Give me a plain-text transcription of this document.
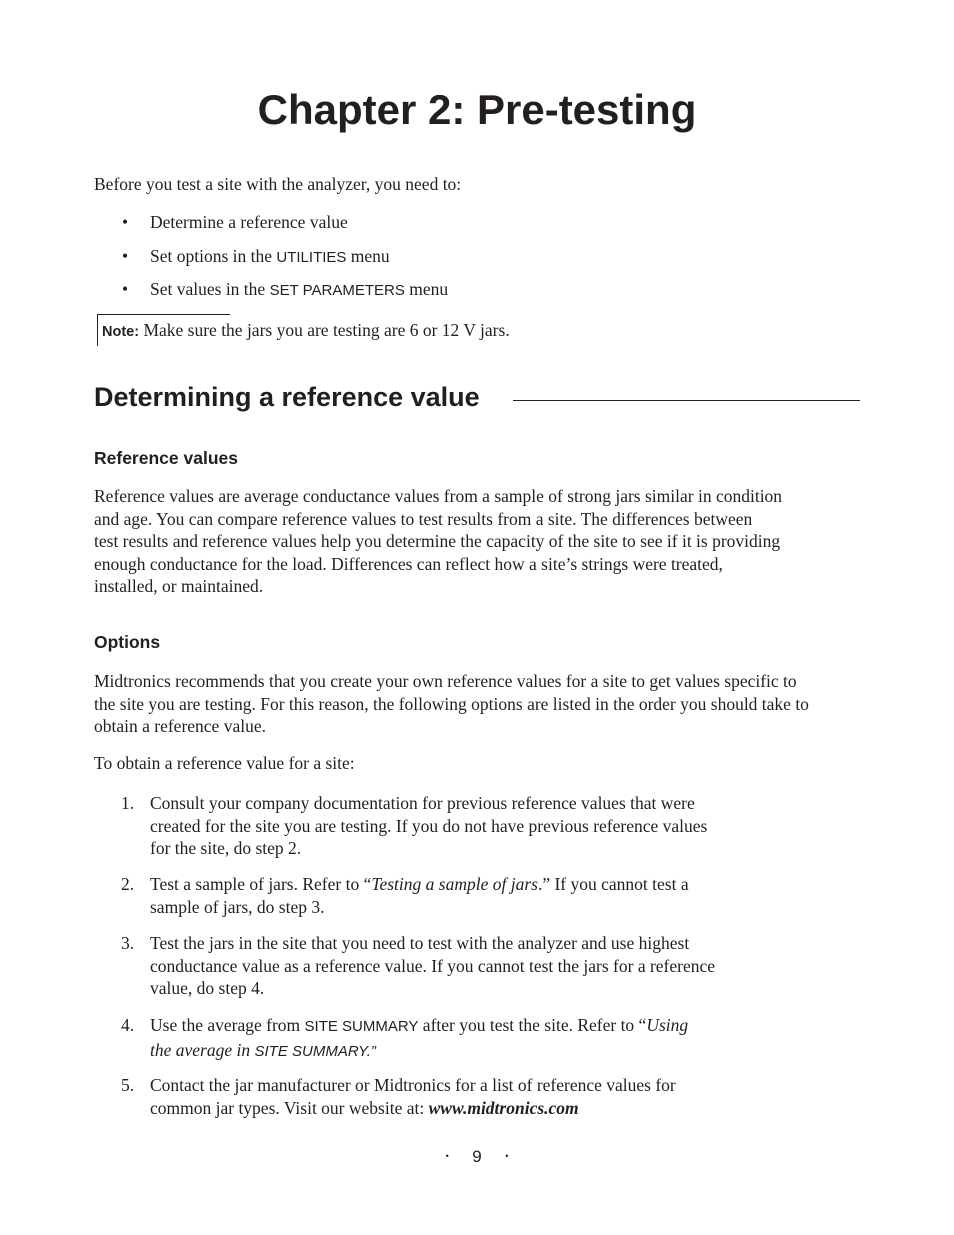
Chapter 2: Pre-testing

Before you test a site with the analyzer, you need to:

• Determine a reference value
• Set options in the UTILITIES menu
• Set values in the SET PARAMETERS menu
Note: Make sure the jars you are testing are 6 or 12 V jars.
Determining a reference value
Reference values
Reference values are average conductance values from a sample of strong jars similar in condition
and age. You can compare reference values to test results from a site. The differences between
test results and reference values help you determine the capacity of the site to see if it is providing
enough conductance for the load. Differences can reflect how a site’s strings were treated,
installed, or maintained.
Options
Midtronics recommends that you create your own reference values for a site to get values specific to
the site you are testing. For this reason, the following options are listed in the order you should take to
obtain a reference value.

To obtain a reference value for a site:

1. Consult your company documentation for previous reference values that were
created for the site you are testing. If you do not have previous reference values
for the site, do step 2.
2. Test a sample of jars. Refer to “Testing a sample of jars.” If you cannot test a
sample of jars, do step 3.
3. Test the jars in the site that you need to test with the analyzer and use highest
conductance value as a reference value. If you cannot test the jars for a reference
value, do step 4.
4. Use the average from SITE SUMMARY after you test the site. Refer to “Using
the average in SITE SUMMARY.”
5. Contact the jar manufacturer or Midtronics for a list of reference values for
common jar types. Visit our website at: www.midtronics.com
• 9	•
